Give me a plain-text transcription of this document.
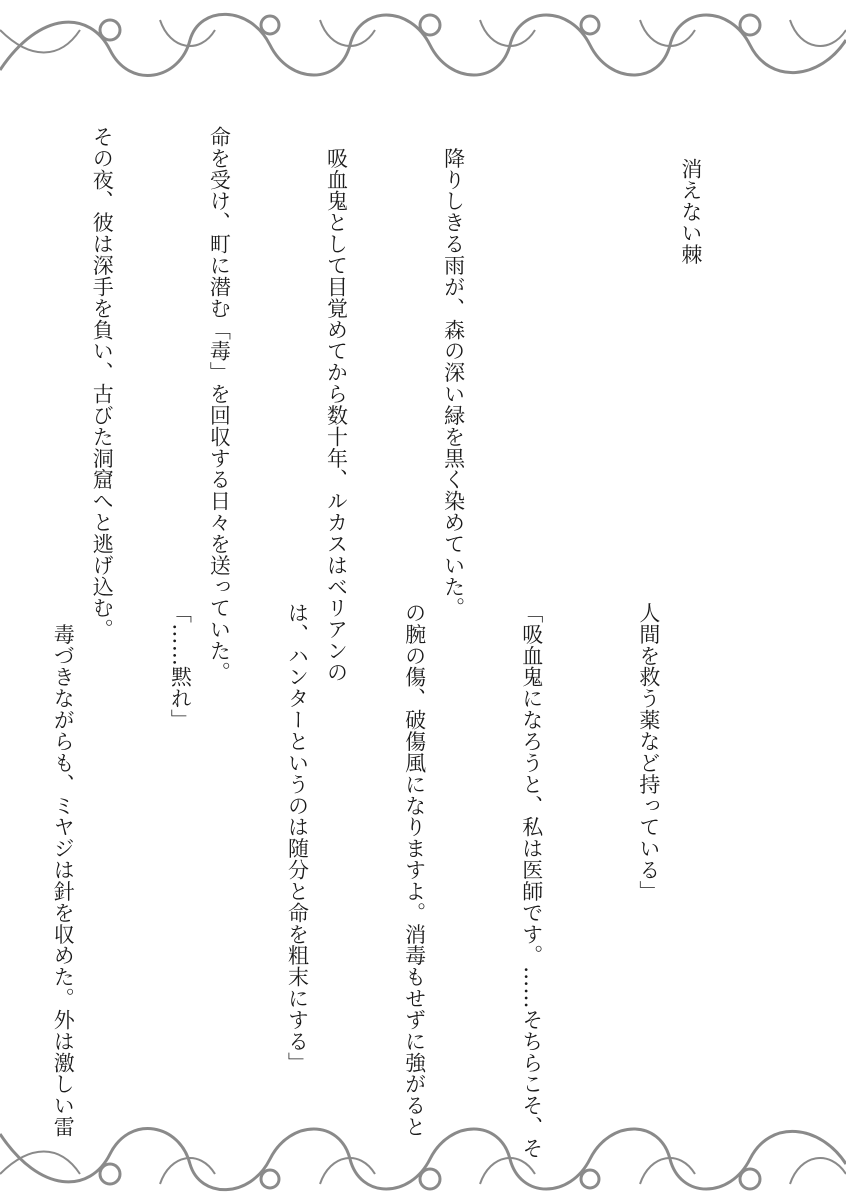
消えない棘

　降りしきる雨が、森の深い緑を黒く染めていた。

　吸血鬼として目覚めてから数十年、ルカスはベリアンの

命を受け、町に潜む「毒」を回収する日々を送っていた。

その夜、彼は深手を負い、古びた洞窟へと逃げ込む。

人間を救う薬など持っている」

「吸血鬼になろうと、私は医師です。……そちらこそ、そ

の腕の傷、破傷風になりますよ。消毒もせずに強がると

は、ハンターというのは随分と命を粗末にする」

「……黙れ」

　毒づきながらも、ミヤジは針を収めた。外は激しい雷
